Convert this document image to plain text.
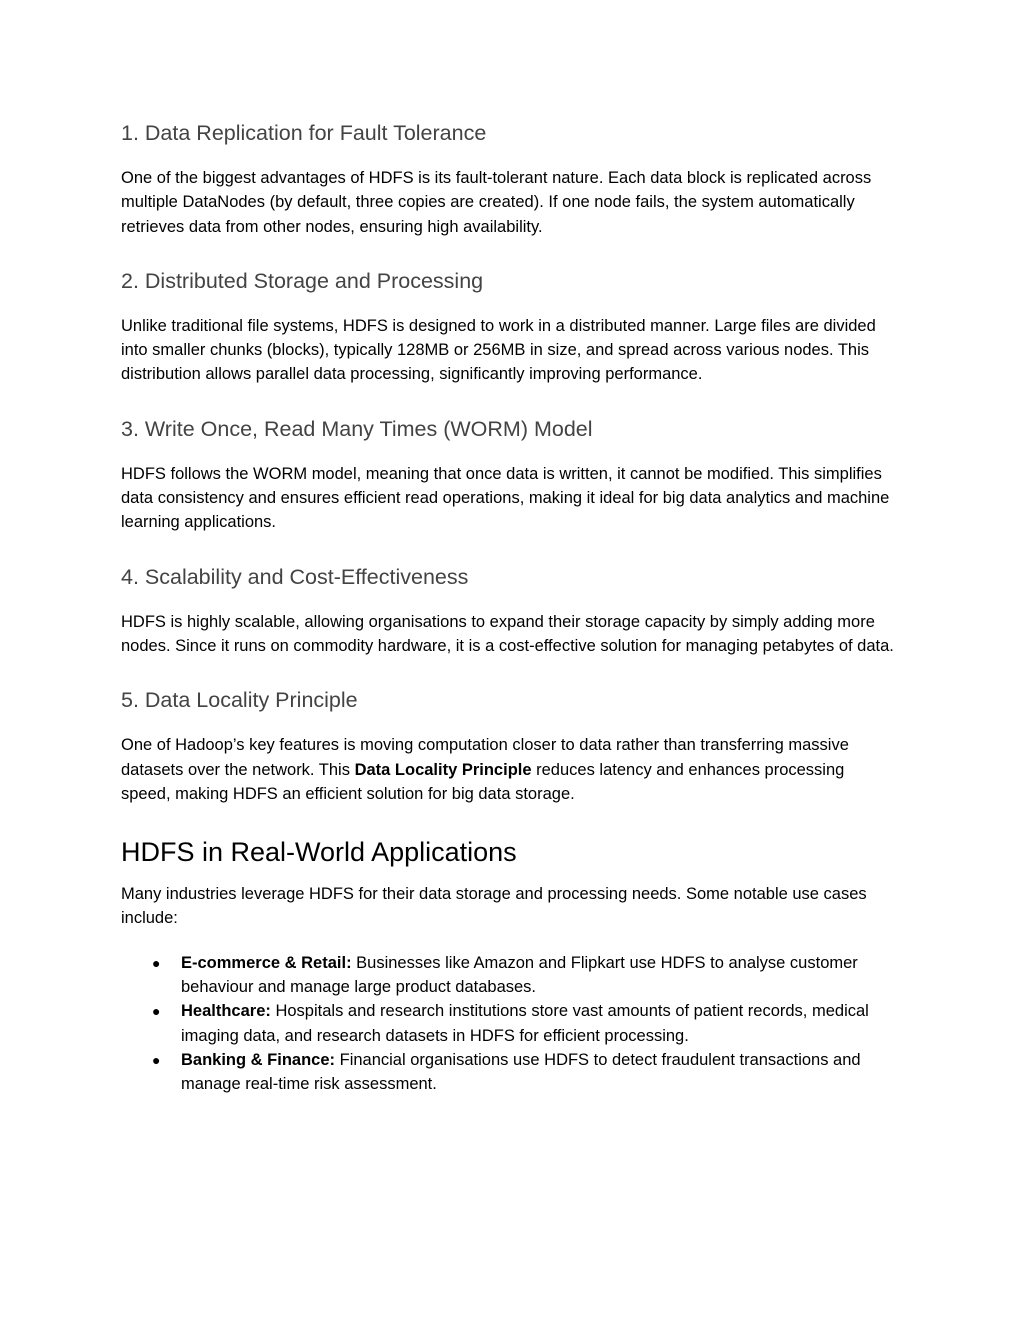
1. Data Replication for Fault Tolerance

One of the biggest advantages of HDFS is its fault-tolerant nature. Each data block is replicated across multiple DataNodes (by default, three copies are created). If one node fails, the system automatically retrieves data from other nodes, ensuring high availability.

2. Distributed Storage and Processing

Unlike traditional file systems, HDFS is designed to work in a distributed manner. Large files are divided into smaller chunks (blocks), typically 128MB or 256MB in size, and spread across various nodes. This distribution allows parallel data processing, significantly improving performance.

3. Write Once, Read Many Times (WORM) Model

HDFS follows the WORM model, meaning that once data is written, it cannot be modified. This simplifies data consistency and ensures efficient read operations, making it ideal for big data analytics and machine learning applications.

4. Scalability and Cost-Effectiveness

HDFS is highly scalable, allowing organisations to expand their storage capacity by simply adding more nodes. Since it runs on commodity hardware, it is a cost-effective solution for managing petabytes of data.

5. Data Locality Principle

One of Hadoop’s key features is moving computation closer to data rather than transferring massive datasets over the network. This Data Locality Principle reduces latency and enhances processing speed, making HDFS an efficient solution for big data storage.

HDFS in Real-World Applications

Many industries leverage HDFS for their data storage and processing needs. Some notable use cases include:

● E-commerce & Retail: Businesses like Amazon and Flipkart use HDFS to analyse customer behaviour and manage large product databases.
● Healthcare: Hospitals and research institutions store vast amounts of patient records, medical imaging data, and research datasets in HDFS for efficient processing.
● Banking & Finance: Financial organisations use HDFS to detect fraudulent transactions and manage real-time risk assessment.
